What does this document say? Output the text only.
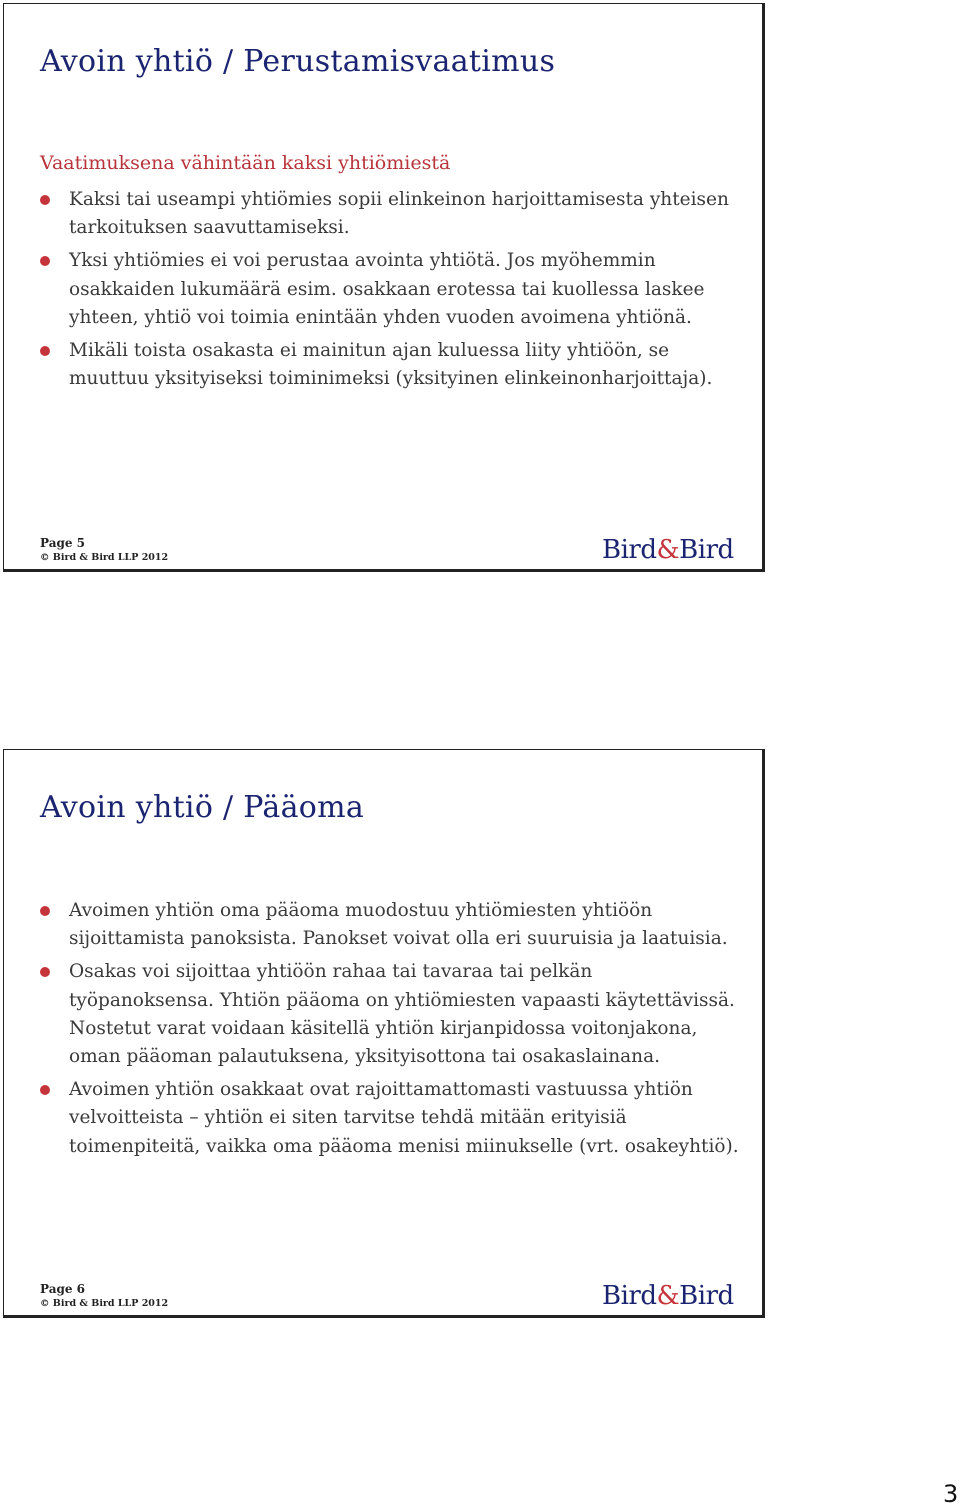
Avoin yhtiö / Perustamisvaatimus
Vaatimuksena vähintään kaksi yhtiömiestä
Kaksi tai useampi yhtiömies sopii elinkeinon harjoittamisesta yhteisen tarkoituksen saavuttamiseksi.
Yksi yhtiömies ei voi perustaa avointa yhtiötä. Jos myöhemmin osakkaiden lukumäärä esim. osakkaan erotessa tai kuollessa laskee yhteen, yhtiö voi toimia enintään yhden vuoden avoimena yhtiönä.
Mikäli toista osakasta ei mainitun ajan kuluessa liity yhtiöön, se muuttuu yksityiseksi toiminimeksi (yksityinen elinkeinonharjoittaja).
Page 5
© Bird & Bird LLP 2012	Bird&Bird
Avoin yhtiö / Pääoma
Avoimen yhtiön oma pääoma muodostuu yhtiömiesten yhtiöön sijoittamista panoksista. Panokset voivat olla eri suuruisia ja laatuisia.
Osakas voi sijoittaa yhtiöön rahaa tai tavaraa tai pelkän työpanoksensa. Yhtiön pääoma on yhtiömiesten vapaasti käytettävissä. Nostetut varat voidaan käsitellä yhtiön kirjanpidossa voitonjakona, oman pääoman palautuksena, yksityisottona tai osakaslainana.
Avoimen yhtiön osakkaat ovat rajoittamattomasti vastuussa yhtiön velvoitteista – yhtiön ei siten tarvitse tehdä mitään erityisiä toimenpiteitä, vaikka oma pääoma menisi miinukselle (vrt. osakeyhtiö).
Page 6
© Bird & Bird LLP 2012	Bird&Bird
3
